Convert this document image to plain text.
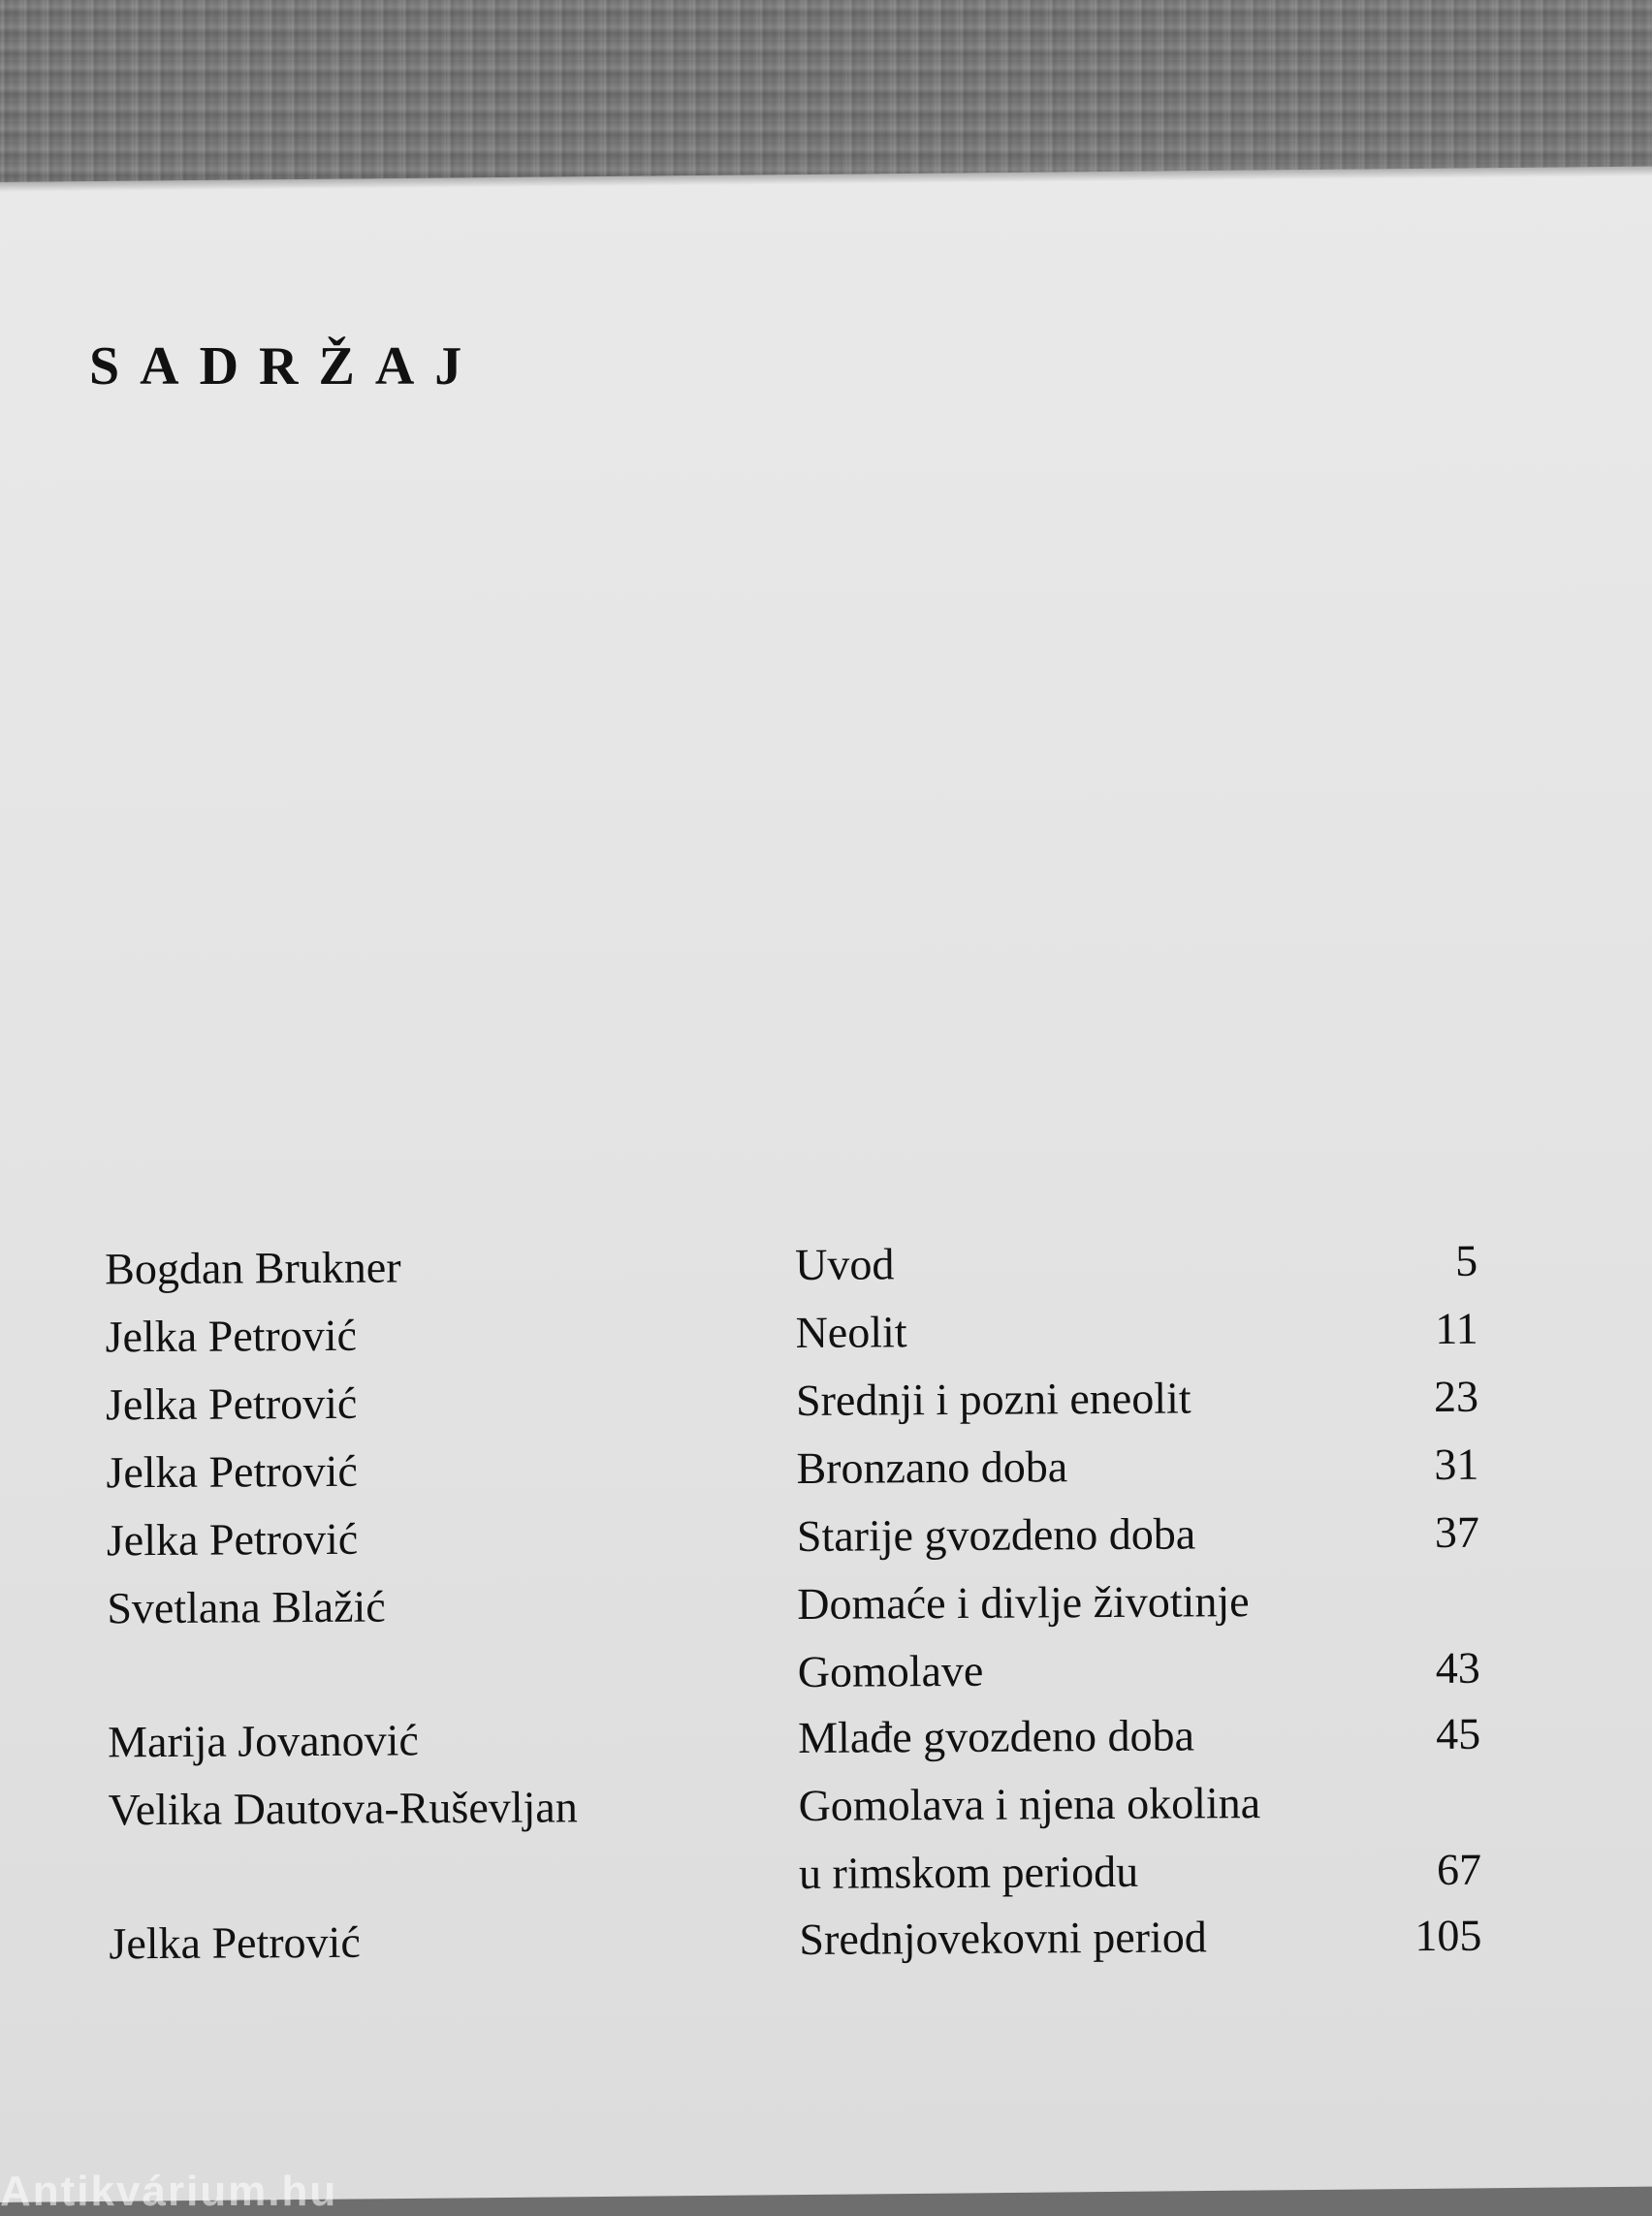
SADRŽAJ
Bogdan Brukner	Uvod	5
Jelka Petrović	Neolit	11
Jelka Petrović	Srednji i pozni eneolit	23
Jelka Petrović	Bronzano doba	31
Jelka Petrović	Starije gvozdeno doba	37
Svetlana Blažić	Domaće i divlje životinje
Gomolave	43
Marija Jovanović	Mlađe gvozdeno doba	45
Velika Dautova-Ruševljan	Gomolava i njena okolina
u rimskom periodu	67
Jelka Petrović	Srednjovekovni period	105
Antikvárium.hu
